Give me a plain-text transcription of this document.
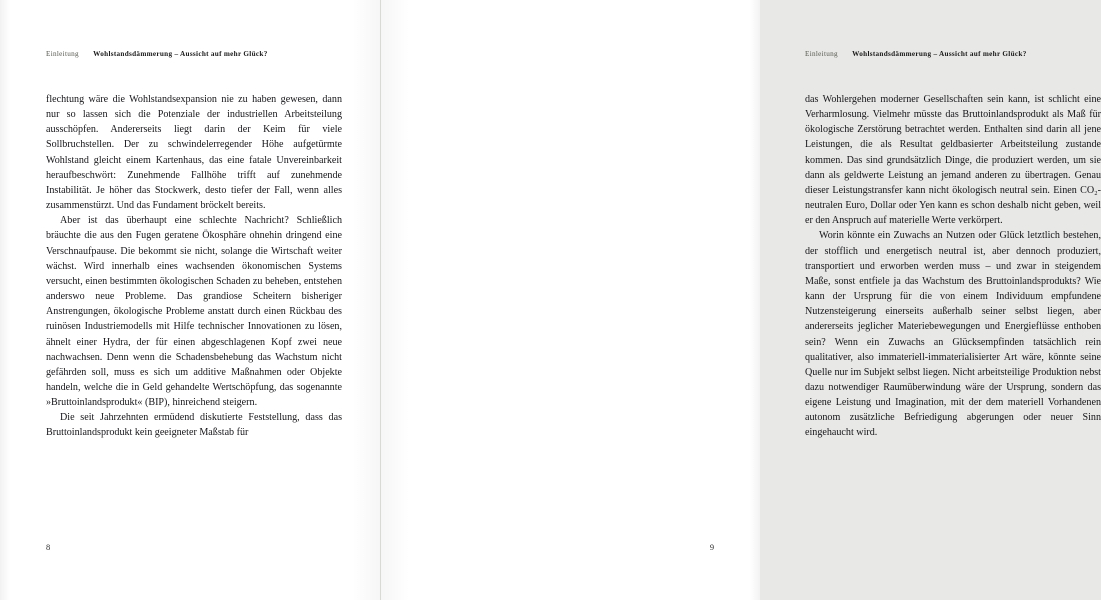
Einleitung Wohlstandsdämmerung – Aussicht auf mehr Glück?

flechtung wäre die Wohlstandsexpansion nie zu haben gewesen, dann nur so lassen sich die Potenziale der industriellen Arbeitsteilung ausschöpfen. Andererseits liegt darin der Keim für viele Sollbruchstellen. Der zu schwindelerregender Höhe aufgetürmte Wohlstand gleicht einem Kartenhaus, das eine fatale Unvereinbarkeit heraufbeschwört: Zunehmende Fallhöhe trifft auf zunehmende Instabilität. Je höher das Stockwerk, desto tiefer der Fall, wenn alles zusammenstürzt. Und das Fundament bröckelt bereits.

Aber ist das überhaupt eine schlechte Nachricht? Schließlich bräuchte die aus den Fugen geratene Ökosphäre ohnehin dringend eine Verschnaufpause. Die bekommt sie nicht, solange die Wirtschaft weiter wächst. Wird innerhalb eines wachsenden ökonomischen Systems versucht, einen bestimmten ökologischen Schaden zu beheben, entstehen anderswo neue Probleme. Das grandiose Scheitern bisheriger Anstrengungen, ökologische Probleme anstatt durch einen Rückbau des ruinösen Industriemodells mit Hilfe technischer Innovationen zu lösen, ähnelt einer Hydra, der für einen abgeschlagenen Kopf zwei neue nachwachsen. Denn wenn die Schadensbehebung das Wachstum nicht gefährden soll, muss es sich um additive Maßnahmen oder Objekte handeln, welche die in Geld gehandelte Wertschöpfung, das sogenannte »Bruttoinlandsprodukt« (BIP), hinreichend steigern.

Die seit Jahrzehnten ermüdend diskutierte Feststellung, dass das Bruttoinlandsprodukt kein geeigneter Maßstab für

8
Einleitung Wohlstandsdämmerung – Aussicht auf mehr Glück?

das Wohlergehen moderner Gesellschaften sein kann, ist schlicht eine Verharmlosung. Vielmehr müsste das Bruttoinlandsprodukt als Maß für ökologische Zerstörung betrachtet werden. Enthalten sind darin all jene Leistungen, die als Resultat geldbasierter Arbeitsteilung zustande kommen. Das sind grundsätzlich Dinge, die produziert werden, um sie dann als geldwerte Leistung an jemand anderen zu übertragen. Genau dieser Leistungstransfer kann nicht ökologisch neutral sein. Einen CO₂-neutralen Euro, Dollar oder Yen kann es schon deshalb nicht geben, weil er den Anspruch auf materielle Werte verkörpert.

Worin könnte ein Zuwachs an Nutzen oder Glück letztlich bestehen, der stofflich und energetisch neutral ist, aber dennoch produziert, transportiert und erworben werden muss – und zwar in steigendem Maße, sonst entfiele ja das Wachstum des Bruttoinlandsprodukts? Wie kann der Ursprung für die von einem Individuum empfundene Nutzensteigerung einerseits außerhalb seiner selbst liegen, aber andererseits jeglicher Materiebewegungen und Energieflüsse enthoben sein? Wenn ein Zuwachs an Glücksempfinden tatsächlich rein qualitativer, also immateriell-immaterialisierter Art wäre, könnte seine Quelle nur im Subjekt selbst liegen. Nicht arbeitsteilige Produktion nebst dazu notwendiger Raumüberwindung wäre der Ursprung, sondern das eigene Leistung und Imagination, mit der dem materiell Vorhandenen autonom zusätzliche Befriedigung abgerungen oder neuer Sinn eingehaucht wird.

9
